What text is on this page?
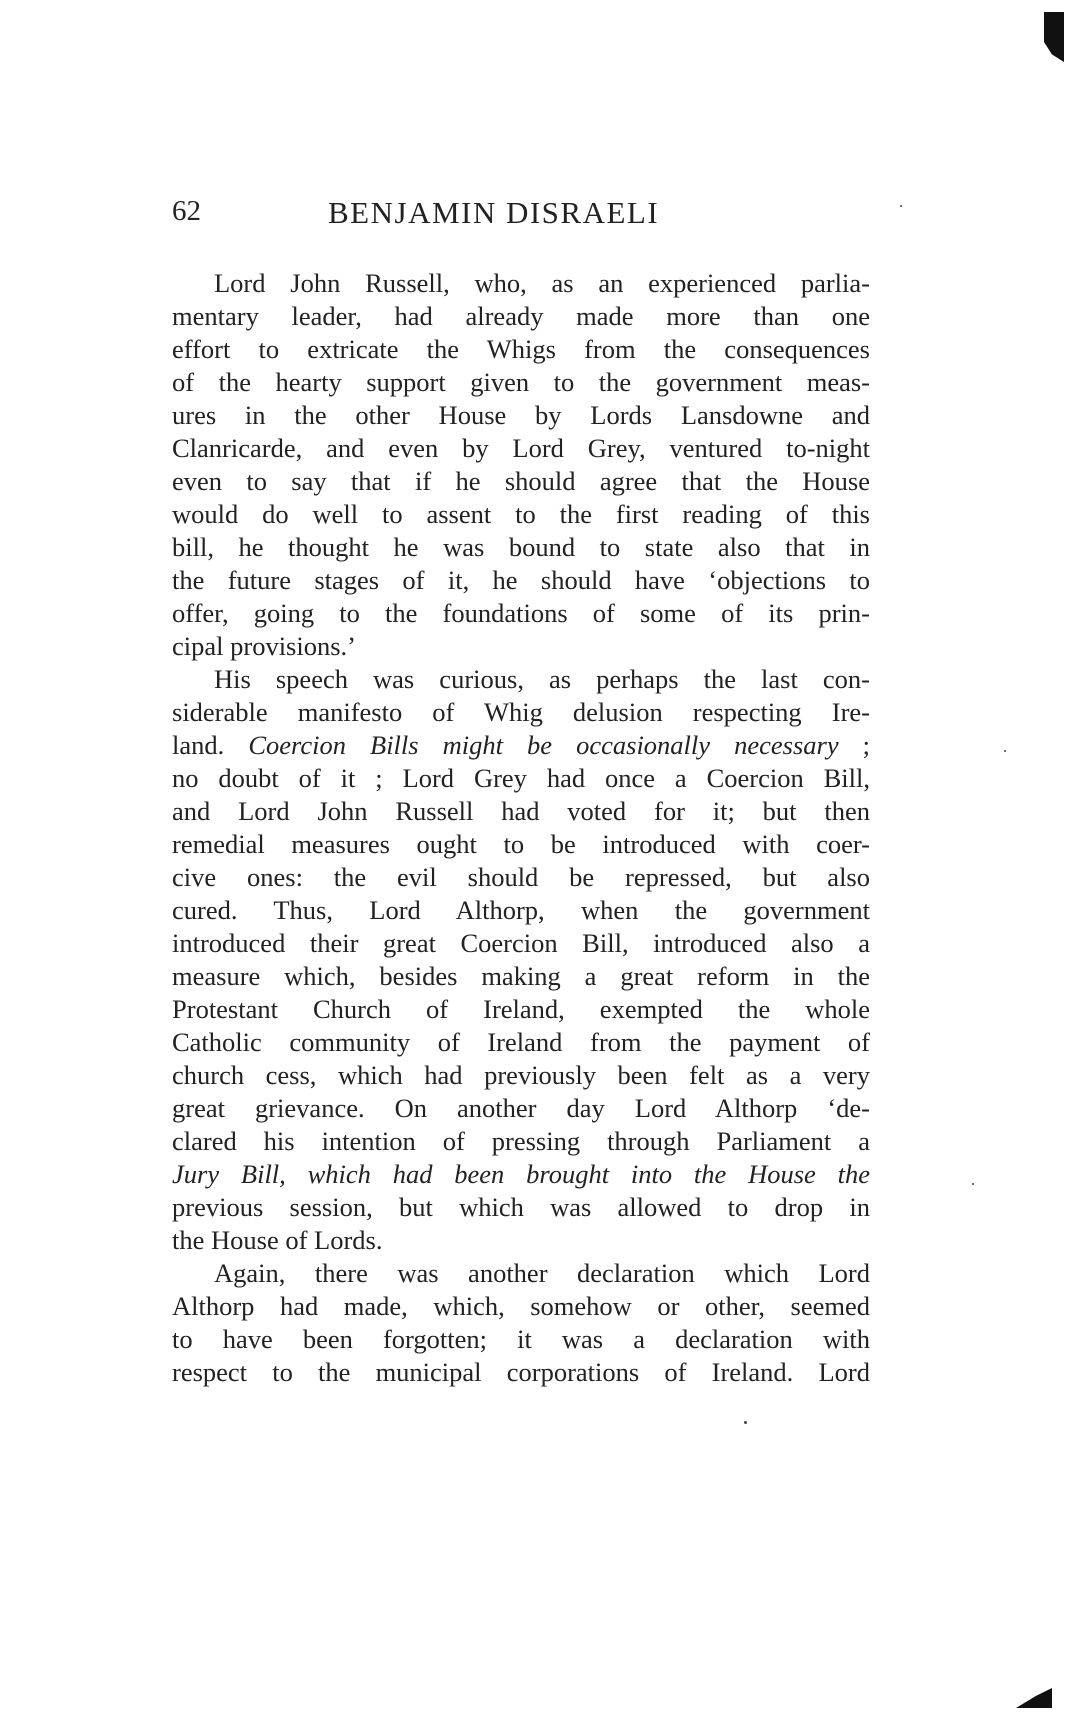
62	BENJAMIN DISRAELI
Lord John Russell, who, as an experienced parlia-
mentary leader, had already made more than one
effort to extricate the Whigs from the consequences
of the hearty support given to the government meas-
ures in the other House by Lords Lansdowne and
Clanricarde, and even by Lord Grey, ventured to-night
even to say that if he should agree that the House
would do well to assent to the first reading of this
bill, he thought he was bound to state also that in
the future stages of it, he should have ‘objections to
offer, going to the foundations of some of its prin-
cipal provisions.’
His speech was curious, as perhaps the last con-
siderable manifesto of Whig delusion respecting Ire-
land. Coercion Bills might be occasionally necessary ;
no doubt of it ; Lord Grey had once a Coercion Bill,
and Lord John Russell had voted for it; but then
remedial measures ought to be introduced with coer-
cive ones: the evil should be repressed, but also
cured. Thus, Lord Althorp, when the government
introduced their great Coercion Bill, introduced also a
measure which, besides making a great reform in the
Protestant Church of Ireland, exempted the whole
Catholic community of Ireland from the payment of
church cess, which had previously been felt as a very
great grievance. On another day Lord Althorp ‘de-
clared his intention of pressing through Parliament a
Jury Bill, which had been brought into the House the
previous session, but which was allowed to drop in
the House of Lords.
Again, there was another declaration which Lord
Althorp had made, which, somehow or other, seemed
to have been forgotten; it was a declaration with
respect to the municipal corporations of Ireland. Lord
